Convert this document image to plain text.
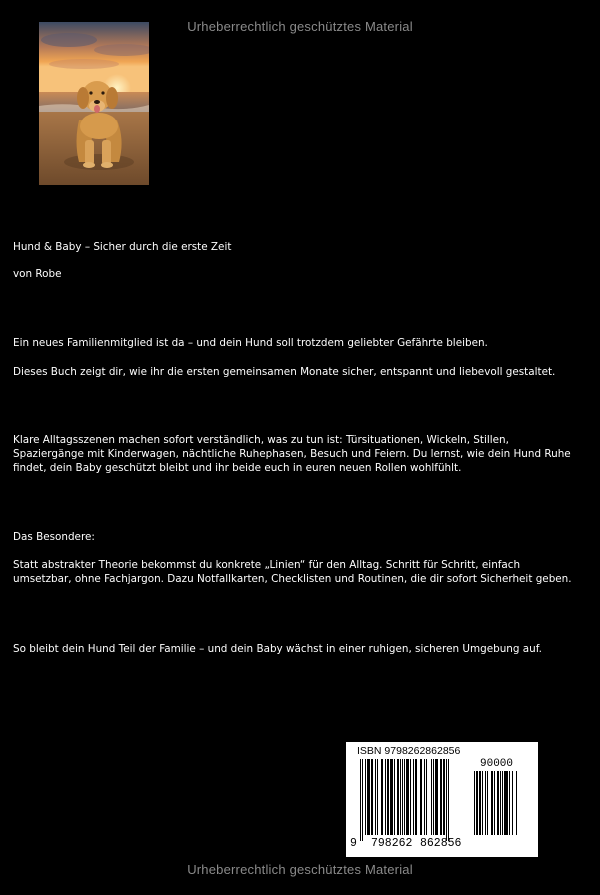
Urheberrechtlich geschütztes Material

Hund & Baby – Sicher durch die erste Zeit

von Robe

Ein neues Familienmitglied ist da – und dein Hund soll trotzdem geliebter Gefährte bleiben.

Dieses Buch zeigt dir, wie ihr die ersten gemeinsamen Monate sicher, entspannt und liebevoll gestaltet.

Klare Alltagsszenen machen sofort verständlich, was zu tun ist: Türsituationen, Wickeln, Stillen, Spaziergänge mit Kinderwagen, nächtliche Ruhephasen, Besuch und Feiern. Du lernst, wie dein Hund Ruhe findet, dein Baby geschützt bleibt und ihr beide euch in euren neuen Rollen wohlfühlt.

Das Besondere:

Statt abstrakter Theorie bekommst du konkrete „Linien“ für den Alltag. Schritt für Schritt, einfach umsetzbar, ohne Fachjargon. Dazu Notfallkarten, Checklisten und Routinen, die dir sofort Sicherheit geben.

So bleibt dein Hund Teil der Familie – und dein Baby wächst in einer ruhigen, sicheren Umgebung auf.

ISBN 9798262862856
90000
9 798262 862856
Urheberrechtlich geschütztes Material
